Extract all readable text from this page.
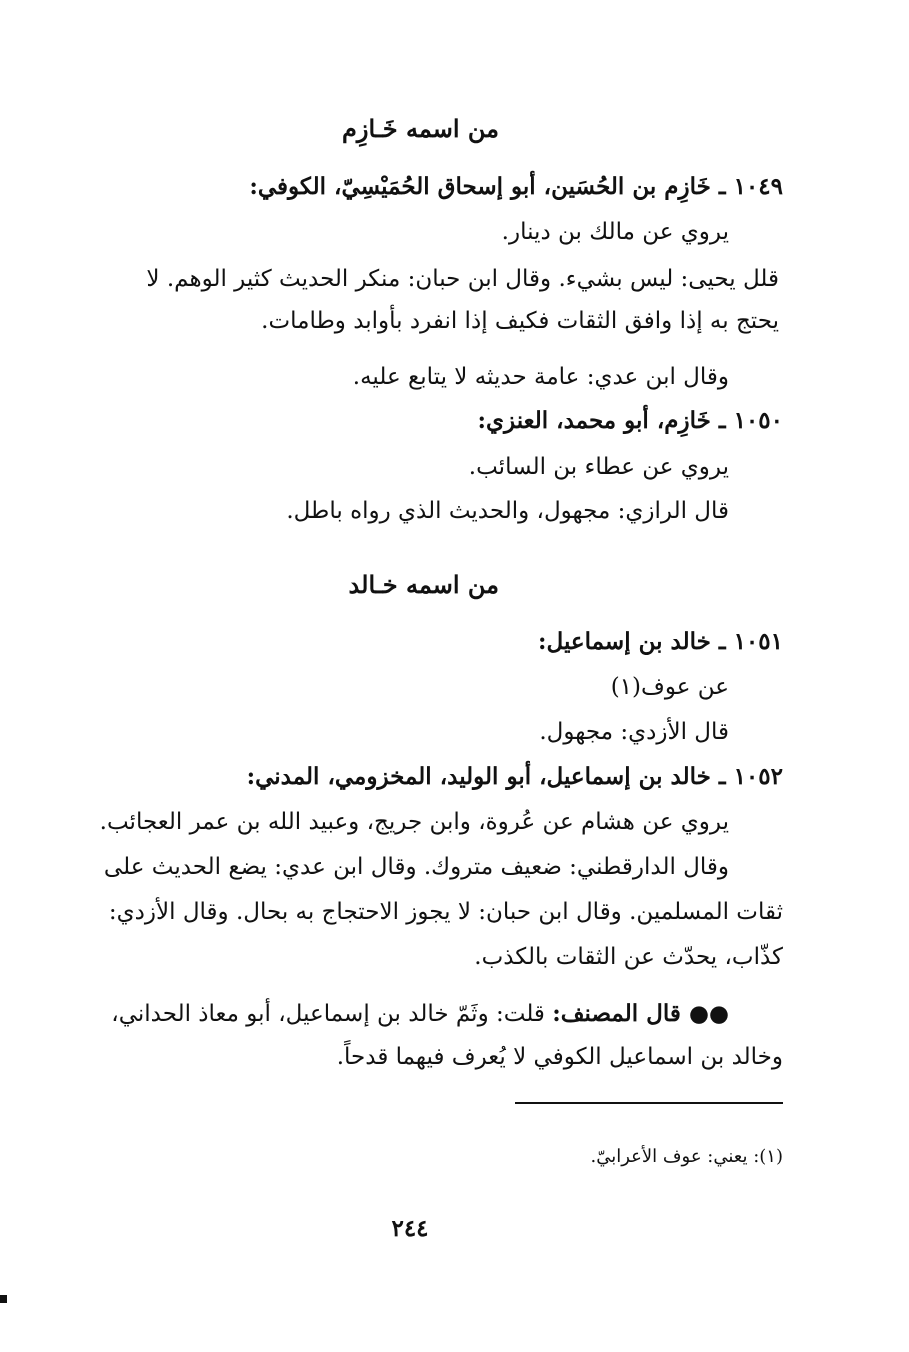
من اسمه خَـازِم

١٠٤٩ ـ خَازِم بن الحُسَين، أبو إسحاق الحُمَيْسِيّ، الكوفي:

يروي عن مالك بن دينار.

قلل يحيى: ليس بشيء. وقال ابن حبان: منكر الحديث كثير الوهم. لا

يحتج به إذا وافق الثقات فكيف إذا انفرد بأوابد وطامات.

وقال ابن عدي: عامة حديثه لا يتابع عليه.

١٠٥٠ ـ خَازِم، أبو محمد، العنزي:

يروي عن عطاء بن السائب.

قال الرازي: مجهول، والحديث الذي رواه باطل.

من اسمه خـالد

١٠٥١ ـ خالد بن إسماعيل:

عن عوف(١)

قال الأزدي: مجهول.

١٠٥٢ ـ خالد بن إسماعيل، أبو الوليد، المخزومي، المدني:

يروي عن هشام عن عُروة، وابن جريج، وعبيد الله بن عمر العجائب.

وقال الدارقطني: ضعيف متروك. وقال ابن عدي: يضع الحديث على

ثقات المسلمين. وقال ابن حبان: لا يجوز الاحتجاج به بحال. وقال الأزدي:

كذّاب، يحدّث عن الثقات بالكذب.

●● قال المصنف: قلت: وثَمّ خالد بن إسماعيل، أبو معاذ الحداني،

وخالد بن اسماعيل الكوفي لا يُعرف فيهما قدحاً.

(١): يعني: عوف الأعرابيّ.

٢٤٤
